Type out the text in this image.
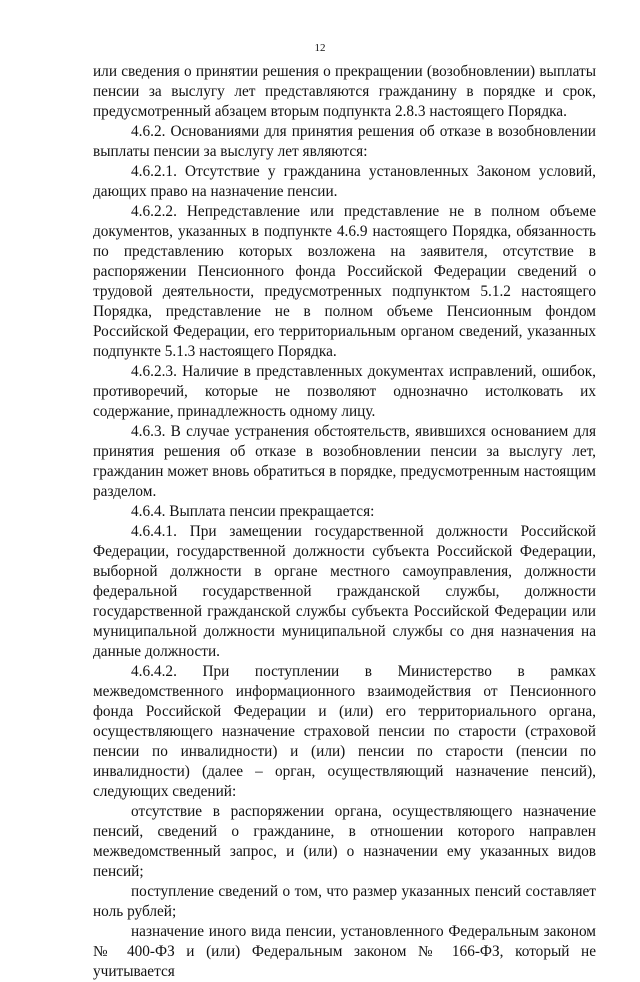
12

или сведения о принятии решения о прекращении (возобновлении) выплаты пенсии за выслугу лет представляются гражданину в порядке и срок, предусмотренный абзацем вторым подпункта 2.8.3 настоящего Порядка.

4.6.2. Основаниями для принятия решения об отказе в возобновлении выплаты пенсии за выслугу лет являются:

4.6.2.1. Отсутствие у гражданина установленных Законом условий, дающих право на назначение пенсии.

4.6.2.2. Непредставление или представление не в полном объеме документов, указанных в подпункте 4.6.9 настоящего Порядка, обязанность по представлению которых возложена на заявителя, отсутствие в распоряжении Пенсионного фонда Российской Федерации сведений о трудовой деятельности, предусмотренных подпунктом 5.1.2 настоящего Порядка, представление не в полном объеме Пенсионным фондом Российской Федерации, его территориальным органом сведений, указанных подпункте 5.1.3 настоящего Порядка.

4.6.2.3. Наличие в представленных документах исправлений, ошибок, противоречий, которые не позволяют однозначно истолковать их содержание, принадлежность одному лицу.

4.6.3. В случае устранения обстоятельств, явившихся основанием для принятия решения об отказе в возобновлении пенсии за выслугу лет, гражданин может вновь обратиться в порядке, предусмотренным настоящим разделом.

4.6.4. Выплата пенсии прекращается:

4.6.4.1. При замещении государственной должности Российской Федерации, государственной должности субъекта Российской Федерации, выборной должности в органе местного самоуправления, должности федеральной государственной гражданской службы, должности государственной гражданской службы субъекта Российской Федерации или муниципальной должности муниципальной службы со дня назначения на данные должности.

4.6.4.2. При поступлении в Министерство в рамках межведомственного информационного взаимодействия от Пенсионного фонда Российской Федерации и (или) его территориального органа, осуществляющего назначение страховой пенсии по старости (страховой пенсии по инвалидности) и (или) пенсии по старости (пенсии по инвалидности) (далее – орган, осуществляющий назначение пенсий), следующих сведений:

отсутствие в распоряжении органа, осуществляющего назначение пенсий, сведений о гражданине, в отношении которого направлен межведомственный запрос, и (или) о назначении ему указанных видов пенсий;

поступление сведений о том, что размер указанных пенсий составляет ноль рублей;

назначение иного вида пенсии, установленного Федеральным законом № 400-ФЗ и (или) Федеральным законом № 166-ФЗ, который не учитывается
